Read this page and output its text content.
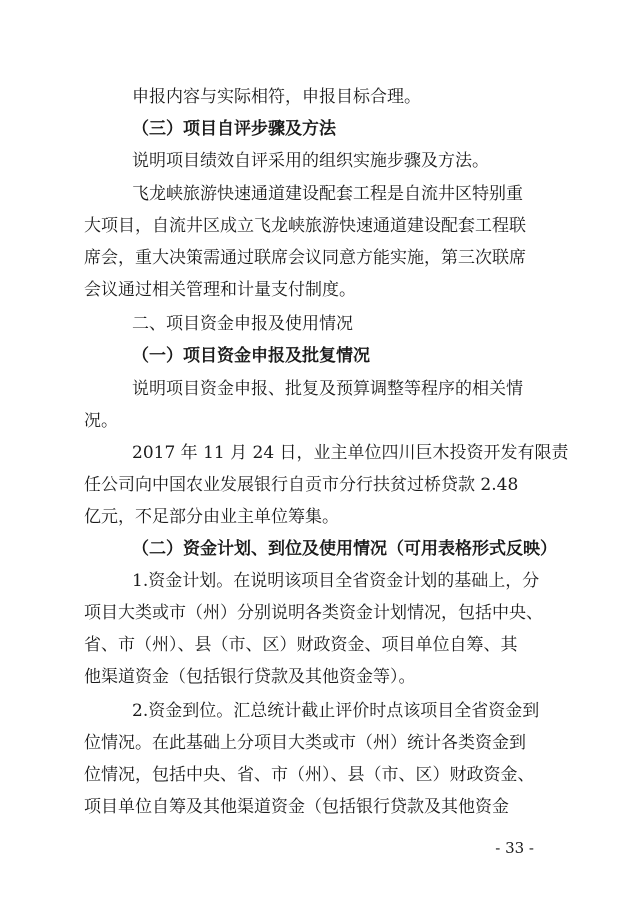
申报内容与实际相符，申报目标合理。
（三）项目自评步骤及方法
说明项目绩效自评采用的组织实施步骤及方法。
飞龙峡旅游快速通道建设配套工程是自流井区特别重
大项目，自流井区成立飞龙峡旅游快速通道建设配套工程联
席会，重大决策需通过联席会议同意方能实施，第三次联席
会议通过相关管理和计量支付制度。
二、项目资金申报及使用情况
（一）项目资金申报及批复情况
说明项目资金申报、批复及预算调整等程序的相关情
况。
2017 年 11 月 24 日，业主单位四川巨木投资开发有限责
任公司向中国农业发展银行自贡市分行扶贫过桥贷款 2.48
亿元，不足部分由业主单位筹集。
（二）资金计划、到位及使用情况（可用表格形式反映）
1.资金计划。在说明该项目全省资金计划的基础上，分
项目大类或市（州）分别说明各类资金计划情况，包括中央、
省、市（州）、县（市、区）财政资金、项目单位自筹、其
他渠道资金（包括银行贷款及其他资金等）。
2.资金到位。汇总统计截止评价时点该项目全省资金到
位情况。在此基础上分项目大类或市（州）统计各类资金到
位情况，包括中央、省、市（州）、县（市、区）财政资金、
项目单位自筹及其他渠道资金（包括银行贷款及其他资金
- 33 -
